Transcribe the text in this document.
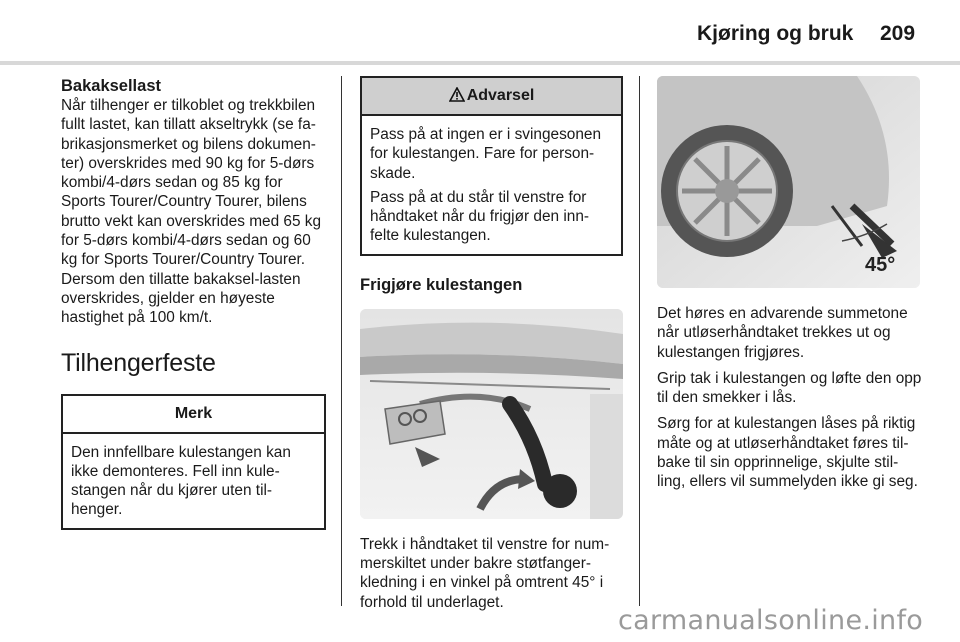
Kjøring og bruk 209
Bakaksellast

Når tilhenger er tilkoblet og trekkbilen fullt lastet, kan tillatt akseltrykk (se fa-brikasjonsmerket og bilens dokumen-ter) overskrides med 90 kg for 5-dørs kombi/4-dørs sedan og 85 kg for Sports Tourer/Country Tourer, bilens brutto vekt kan overskrides med 65 kg for 5-dørs kombi/4-dørs sedan og 60 kg for Sports Tourer/Country Tourer. Dersom den tillatte bakaksel-lasten overskrides, gjelder en høyeste hastighet på 100 km/t.

Tilhengerfeste
Merk

Den innfellbare kulestangen kan ikke demonteres. Fell inn kule-stangen når du kjører uten til-henger.

Advarsel

Pass på at ingen er i svingesonen for kulestangen. Fare for person-skade.

Pass på at du står til venstre for håndtaket når du frigjør den inn-felte kulestangen.

Frigjøre kulestangen

Trekk i håndtaket til venstre for num-merskiltet under bakre støtfanger-kledning i en vinkel på omtrent 45° i forhold til underlaget.

45°

Det høres en advarende summetone når utløserhåndtaket trekkes ut og kulestangen frigjøres.

Grip tak i kulestangen og løfte den opp til den smekker i lås.

Sørg for at kulestangen låses på riktig måte og at utløserhåndtaket føres til-bake til sin opprinnelige, skjulte stil-ling, ellers vil summelyden ikke gi seg.

carmanualsonline.info
